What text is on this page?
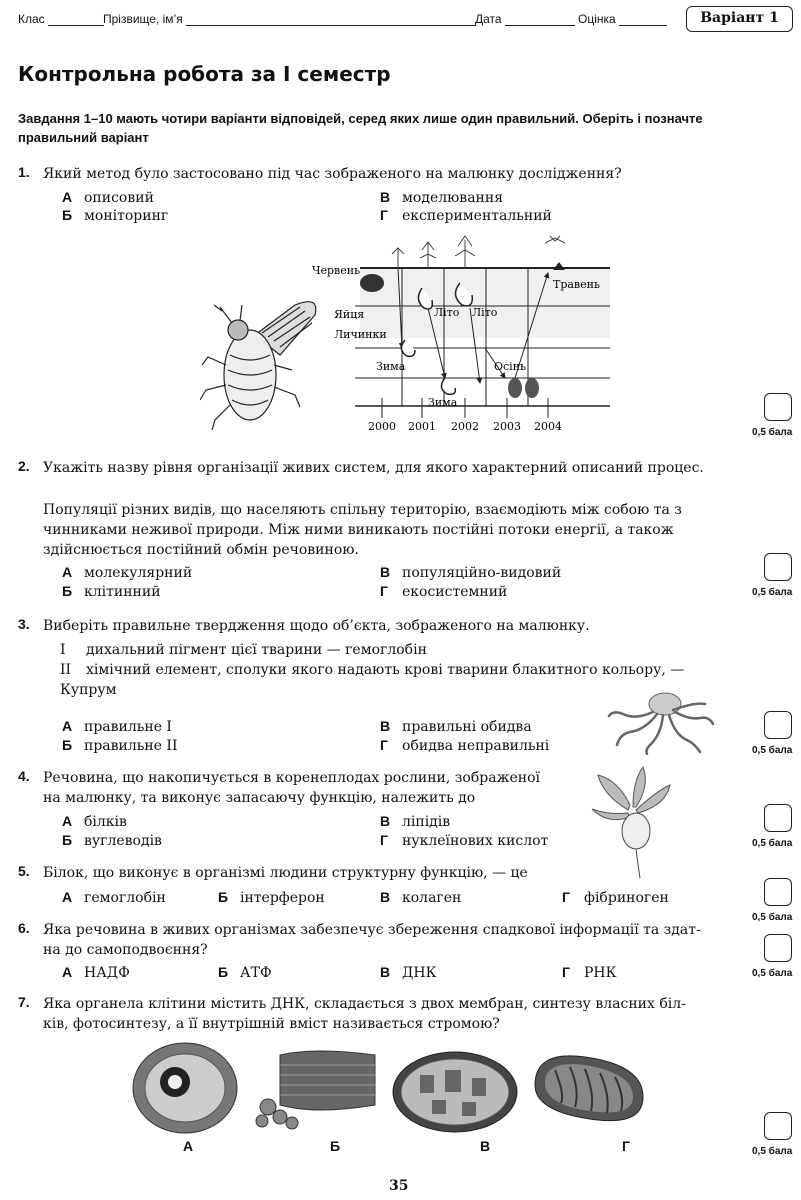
Клас	Прізвище, ім’я	Дата	Оцінка	Варіант 1
Контрольна робота за І семестр
Завдання 1–10 мають чотири варіанти відповідей, серед яких лише один правильний. Оберіть і позначте правильний варіант
1. Який метод було застосовано під час зображеного на малюнку дослідження?
А описовий
Б моніторинг
В моделювання
Г експериментальний
Червень
Травень
Яйця
Личинки
Літо Літо
Зима
Зима
Осінь
2000 2001 2002 2003 2004	0,5 бала
2. Укажіть назву рівня організації живих систем, для якого характерний описаний процес.
Популяції різних видів, що населяють спільну територію, взаємодіють між собою та з чинниками неживої природи. Між ними виникають постійні потоки енергії, а також здійснюється постійний обмін речовиною.
А молекулярний
Б клітинний
В популяційно-видовий
Г екосистемний	0,5 бала
3. Виберіть правильне твердження щодо об’єкта, зображеного на малюнку.
І дихальний пігмент цієї тварини — гемоглобін
ІІ хімічний елемент, сполуки якого надають крові тварини блакитного кольору, —
Купрум
А правильне І
Б правильне ІІ
В правильні обидва
Г обидва неправильні	0,5 бала
4. Речовина, що накопичується в коренеплодах рослини, зображеної
на малюнку, та виконує запасаючу функцію, належить до
А білків
Б вуглеводів
В ліпідів
Г нуклеїнових кислот	0,5 бала
5. Білок, що виконує в організмі людини структурну функцію, — це
А гемоглобін	Б інтерферон	В колаген	Г фібриноген
0,5 бала
6. Яка речовина в живих організмах забезпечує збереження спадкової інформації та здат-
на до самоподвоєння?
А НАДФ	Б АТФ	В ДНК	Г РНК	0,5 бала
7. Яка органела клітини містить ДНК, складається з двох мембран, синтезу власних біл-
ків, фотосинтезу, а її внутрішній вміст називається стромою?
А	Б	В	Г	0,5 бала
35
